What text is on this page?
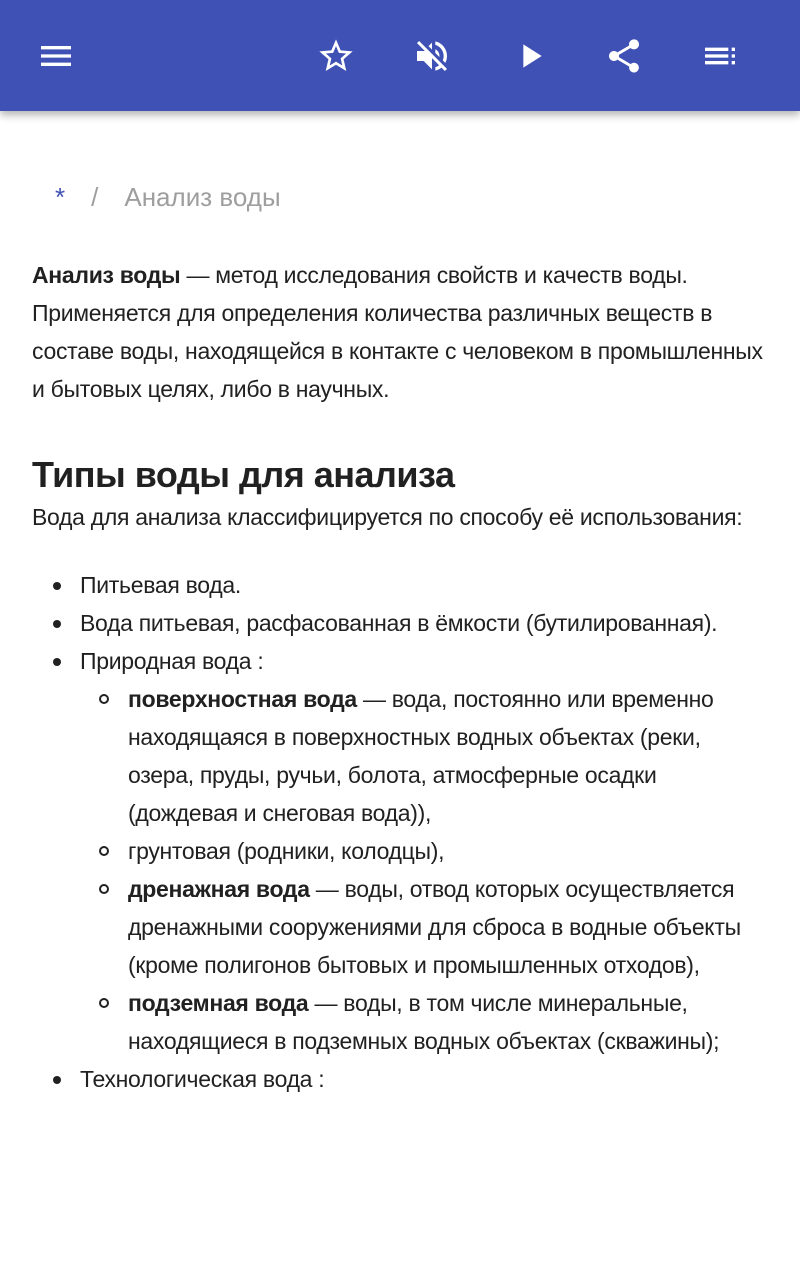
* / Анализ воды

Анализ воды — метод исследования свойств и качеств воды. Применяется для определения количества различных веществ в составе воды, находящейся в контакте с человеком в промышленных и бытовых целях, либо в научных.

Типы воды для анализа

Вода для анализа классифицируется по способу её использования:

Питьевая вода.
Вода питьевая, расфасованная в ёмкости (бутилированная).
Природная вода :
поверхностная вода — вода, постоянно или временно находящаяся в поверхностных водных объектах (реки, озера, пруды, ручьи, болота, атмосферные осадки (дождевая и снеговая вода)),
грунтовая (родники, колодцы),
дренажная вода — воды, отвод которых осуществляется дренажными сооружениями для сброса в водные объекты (кроме полигонов бытовых и промышленных отходов),
подземная вода — воды, в том числе минеральные, находящиеся в подземных водных объектах (скважины);
Технологическая вода :
